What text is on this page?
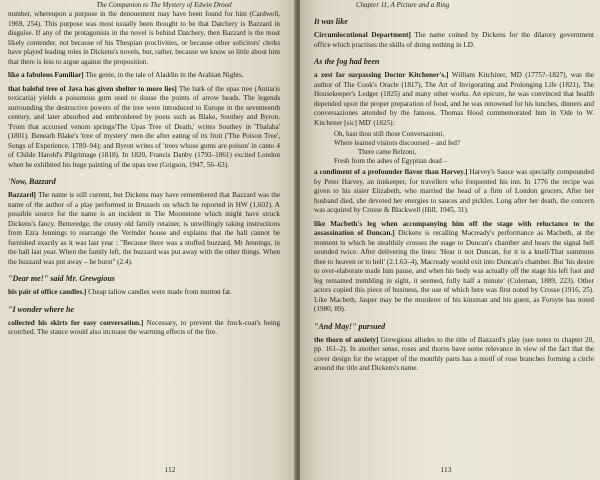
The Companion to The Mystery of Edwin Drood

number, whereupon a purpose in the denouement may have been found for him (Cardwell, 1969, 254). This purpose was most usually been thought to be that Datchery is Bazzard in disguise. If any of the protagonists in the novel is behind Datchery, then Bazzard is the most likely contender, not because of his Thespian proclivities, or because other solicitors' clerks have played leading roles in Dickens's novels, but, rather, because we know so little about him that there is less to argue against the proposition.

like a fabulous Familiar] The genie, in the tale of Aladdin in the Arabian Nights.

that baleful tree of Java has given shelter to more lies] The bark of the upas tree (Antiaris toxicaria) yields a poisonous gum used to douse the points of arrow heads. The legends surrounding the destructive powers of the tree were introduced to Europe in the seventeenth century, and later absorbed and embroidered by poets such as Blake, Southey and Byron. 'From that accursed venom springs/The Upas Tree of Death,' writes Southey in 'Thalaba' (1801). Beneath Blake's 'tree of mystery' men die after eating of its fruit ('The Poison Tree', Songs of Experience, 1789–94); and Byron writes of 'trees whose gums are poison' in canto 4 of Childe Harold's Pilgrimage (1818). In 1820, Francis Danby (1793–1861) excited London when he exhibited his huge painting of the upas tree (Grigson, 1947, 56–63).

'Now, Bazzard

Bazzard] The name is still current, but Dickens may have remembered that Bazzard was the name of the author of a play performed in Brussels on which he reported in HW (1,602). A possible source for the name is an incident in The Moonstone which might have struck Dickens's fancy. Betteredge, the crusty old family retainer, is unwillingly taking instructions from Ezra Jennings to rearrange the Verinder house and explains that the hall cannot be furnished exactly as it was last year : "Because there was a stuffed buzzard, Mr Jennings, in the hall last year. When the family left, the buzzard was put away with the other things. When the buzzard was put away – he burst" (2.4).

"Dear me!" said Mr. Grewgious

his pair of office candles.] Cheap tallow candles were made from mutton fat.

"I wonder where he

collected his skirts for easy conversation.] Necessary, to prevent the frock-coat's being scorched. The stance would also increase the warming effects of the fire.

112
Chapter 11, A Picture and a Ring
It was like

Circumlocutional Department] The name coined by Dickens for the dilatory government office which practises the skills of doing nothing in LD.

As the fog had been

a zest far surpassing Doctor Kitchener's.] William Kitchiner, MD (1775?–1827), was the author of The Cook's Oracle (1817), The Art of Invigorating and Prolonging Life (1821), The Housekeeper's Ledger (1825) and many other works. An epicure, he was convinced that health depended upon the proper preparation of food, and he was renowned for his lunches, dinners and conversaziones attended by the famous. Thomas Hood commemorated him in 'Ode to W. Kitchener [sic] MD' (1825):

Oh, hast thou still those Conversazioni,

Where learned visitors discoursed – and fed?

There came Belzoni,

Fresh from the ashes of Egyptian dead –

a condiment of a profounder flavor than Harvey.] Harvey's Sauce was specially compounded by Peter Harvey, an innkeeper, for travellers who frequented his inn. In 1776 the recipe was given to his sister Elizabeth, who married the head of a firm of London grocers. After her husband died, she devoted her energies to sauces and pickles. Long after her death, the concern was acquired by Crosse & Blackwell (Hill, 1945, 31).

like Macbeth's leg when accompanying him off the stage with reluctance to the assassination of Duncan.] Dickens is recalling Macready's performance as Macbeth, at the moment in which he stealthily crosses the stage to Duncan's chamber and hears the signal bell sounded twice. After delivering the lines: 'Hear it not Duncan, for it is a knell/That summons thee to heaven or to hell' (2.1.63–4), Macready would exit into Duncan's chamber. But 'his desire to over-elaborate made him pause, and when his body was actually off the stage his left foot and leg remained trembling in sight, it seemed, fully half a minute' (Coleman, 1889, 223). Other actors copied this piece of business, the use of which here was first noted by Crosse (1916, 25). Like Macbeth, Jasper may be the murderer of his kinsman and his guest, as Forsyte has noted (1980, 89).

"And May!" pursued

the thorn of anxiety] Grewgious alludes to the title of Bazzard's play (see notes to chapter 20, pp. 161–2). In another sense, roses and thorns have some relevance in view of the fact that the cover design for the wrapper of the monthly parts has a motif of rose branches forming a circle around the title and Dickens's name.

113
